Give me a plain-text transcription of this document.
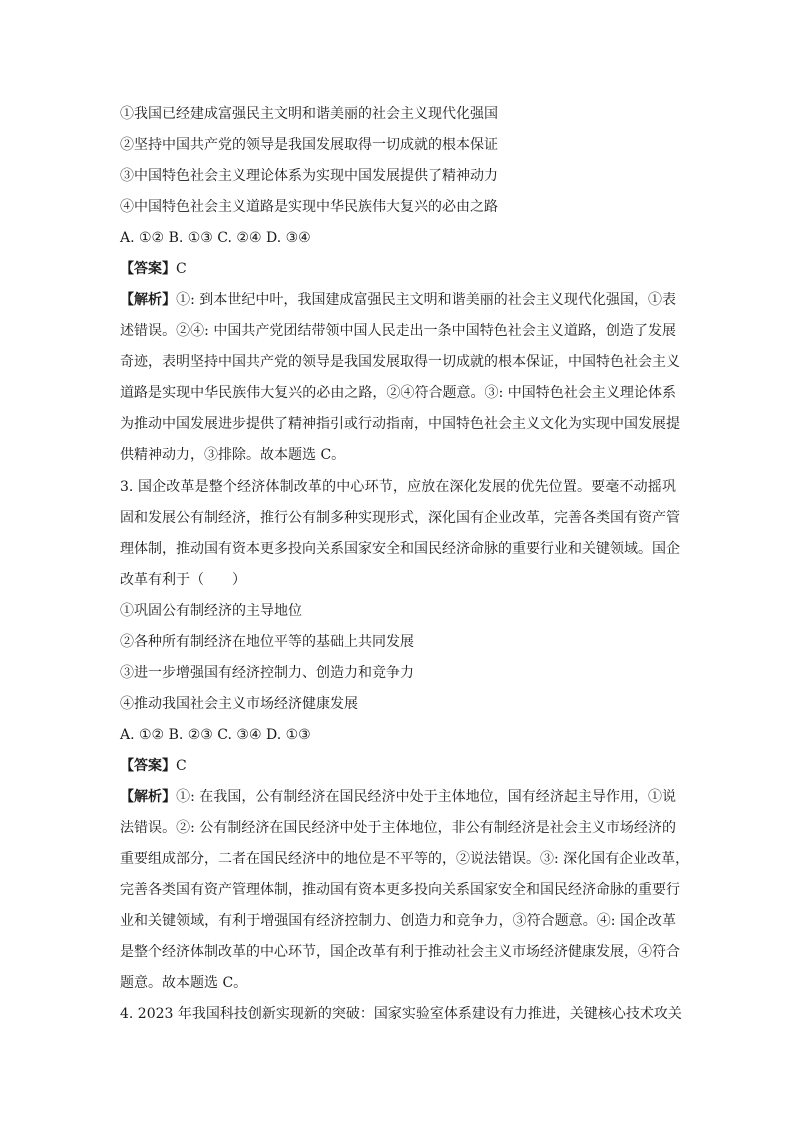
①我国已经建成富强民主文明和谐美丽的社会主义现代化强国
②坚持中国共产党的领导是我国发展取得一切成就的根本保证
③中国特色社会主义理论体系为实现中国发展提供了精神动力
④中国特色社会主义道路是实现中华民族伟大复兴的必由之路
A. ①② B. ①③ C. ②④ D. ③④
【答案】C
【解析】①: 到本世纪中叶，我国建成富强民主文明和谐美丽的社会主义现代化强国，①表
述错误。②④: 中国共产党团结带领中国人民走出一条中国特色社会主义道路，创造了发展
奇迹，表明坚持中国共产党的领导是我国发展取得一切成就的根本保证，中国特色社会主义
道路是实现中华民族伟大复兴的必由之路，②④符合题意。③: 中国特色社会主义理论体系
为推动中国发展进步提供了精神指引或行动指南，中国特色社会主义文化为实现中国发展提
供精神动力，③排除。故本题选 C。
3. 国企改革是整个经济体制改革的中心环节，应放在深化发展的优先位置。要毫不动摇巩
固和发展公有制经济，推行公有制多种实现形式，深化国有企业改革，完善各类国有资产管
理体制，推动国有资本更多投向关系国家安全和国民经济命脉的重要行业和关键领域。国企
改革有利于（　　）
①巩固公有制经济的主导地位
②各种所有制经济在地位平等的基础上共同发展
③进一步增强国有经济控制力、创造力和竞争力
④推动我国社会主义市场经济健康发展
A. ①② B. ②③ C. ③④ D. ①③
【答案】C
【解析】①: 在我国，公有制经济在国民经济中处于主体地位，国有经济起主导作用，①说
法错误。②: 公有制经济在国民经济中处于主体地位，非公有制经济是社会主义市场经济的
重要组成部分，二者在国民经济中的地位是不平等的，②说法错误。③: 深化国有企业改革，
完善各类国有资产管理体制，推动国有资本更多投向关系国家安全和国民经济命脉的重要行
业和关键领域，有利于增强国有经济控制力、创造力和竞争力，③符合题意。④: 国企改革
是整个经济体制改革的中心环节，国企改革有利于推动社会主义市场经济健康发展，④符合
题意。故本题选 C。
4. 2023 年我国科技创新实现新的突破：国家实验室体系建设有力推进，关键核心技术攻关
